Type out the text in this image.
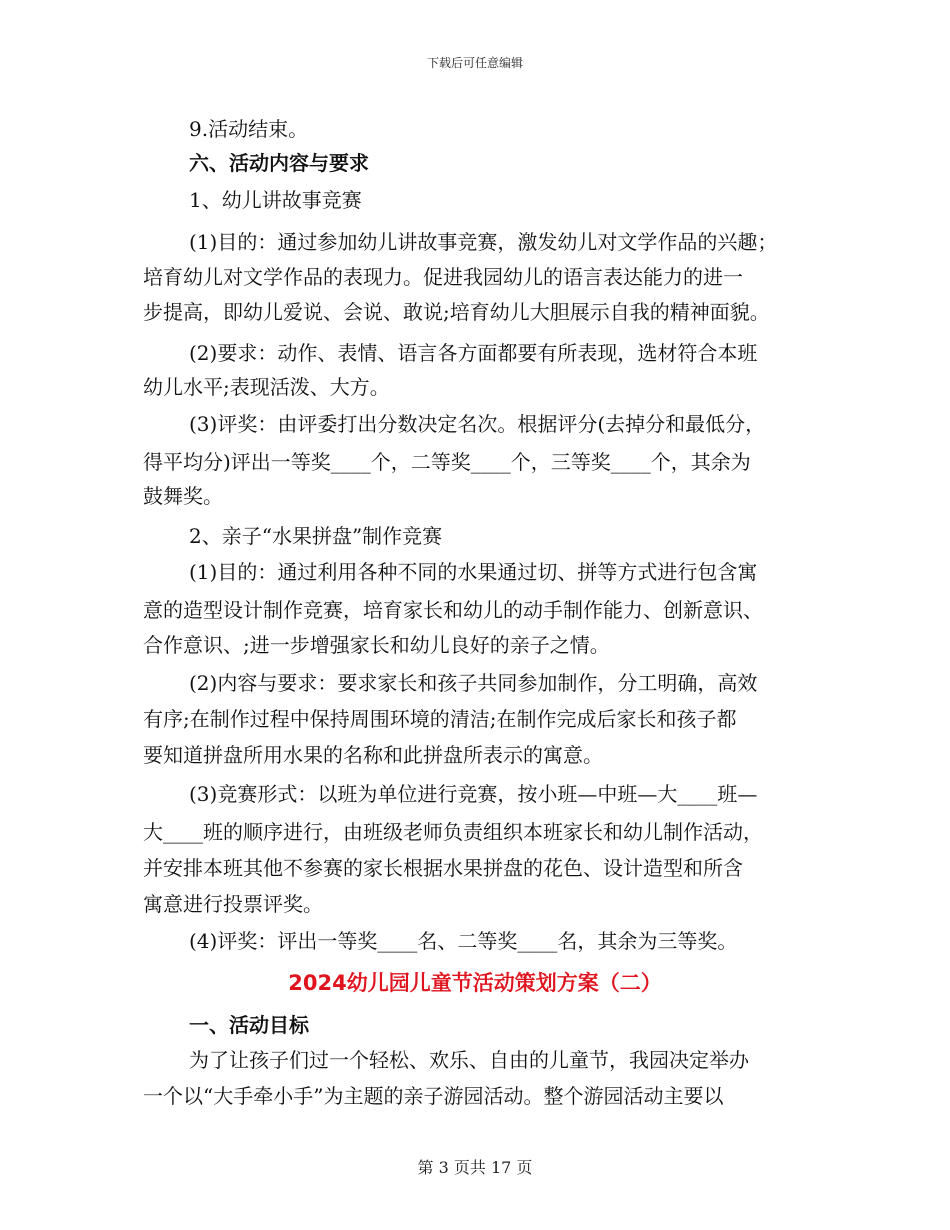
下载后可任意编辑
9.活动结束。
六、活动内容与要求
1、幼儿讲故事竞赛
(1)目的：通过参加幼儿讲故事竞赛，激发幼儿对文学作品的兴趣；
培育幼儿对文学作品的表现力。促进我园幼儿的语言表达能力的进一
步提高，即幼儿爱说、会说、敢说;培育幼儿大胆展示自我的精神面貌。
(2)要求：动作、表情、语言各方面都要有所表现，选材符合本班
幼儿水平;表现活泼、大方。
(3)评奖：由评委打出分数决定名次。根据评分(去掉分和最低分，
得平均分)评出一等奖____个，二等奖____个，三等奖____个，其余为
鼓舞奖。
2、亲子“水果拼盘”制作竞赛
(1)目的：通过利用各种不同的水果通过切、拼等方式进行包含寓
意的造型设计制作竞赛，培育家长和幼儿的动手制作能力、创新意识、
合作意识、;进一步增强家长和幼儿良好的亲子之情。
(2)内容与要求：要求家长和孩子共同参加制作，分工明确，高效
有序;在制作过程中保持周围环境的清洁;在制作完成后家长和孩子都
要知道拼盘所用水果的名称和此拼盘所表示的寓意。
(3)竞赛形式：以班为单位进行竞赛，按小班—中班—大____班—
大____班的顺序进行，由班级老师负责组织本班家长和幼儿制作活动，
并安排本班其他不参赛的家长根据水果拼盘的花色、设计造型和所含
寓意进行投票评奖。
(4)评奖：评出一等奖____名、二等奖____名，其余为三等奖。
2024幼儿园儿童节活动策划方案（二）
一、活动目标
为了让孩子们过一个轻松、欢乐、自由的儿童节，我园决定举办
一个以“大手牵小手”为主题的亲子游园活动。整个游园活动主要以
第 3 页共 17 页
